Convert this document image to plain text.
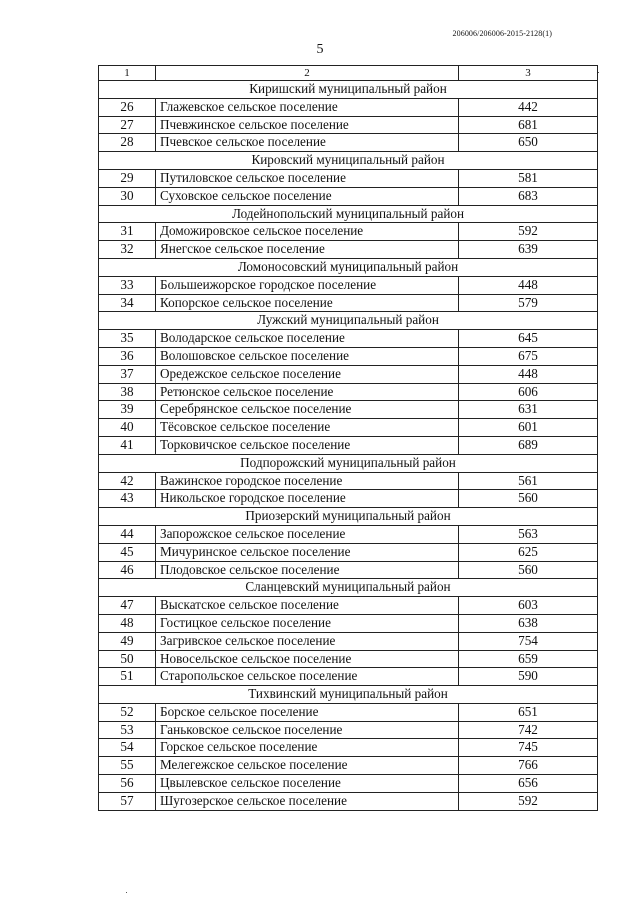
206006/206006-2015-2128(1)
5
1	2	3
Киришский муниципальный район		
26	Глажевское сельское поселение	442
27	Пчевжинское сельское поселение	681
28	Пчевское сельское поселение	650
Кировский муниципальный район		
29	Путиловское сельское поселение	581
30	Суховское сельское поселение	683
Лодейнопольский муниципальный район		
31	Доможировское сельское поселение	592
32	Янегское сельское поселение	639
Ломоносовский муниципальный район		
33	Большеижорское городское поселение	448
34	Копорское сельское поселение	579
Лужский муниципальный район		
35	Володарское сельское поселение	645
36	Волошовское сельское поселение	675
37	Оредежское сельское поселение	448
38	Ретюнское сельское поселение	606
39	Серебрянское сельское поселение	631
40	Тёсовское сельское поселение	601
41	Торковичское сельское поселение	689
Подпорожский муниципальный район		
42	Важинское городское поселение	561
43	Никольское городское поселение	560
Приозерский муниципальный район		
44	Запорожское сельское поселение	563
45	Мичуринское сельское поселение	625
46	Плодовское сельское поселение	560
Сланцевский муниципальный район		
47	Выскатское сельское поселение	603
48	Гостицкое сельское поселение	638
49	Загривское сельское поселение	754
50	Новосельское сельское поселение	659
51	Старопольское сельское поселение	590
Тихвинский муниципальный район		
52	Борское сельское поселение	651
53	Ганьковское сельское поселение	742
54	Горское сельское поселение	745
55	Мелегежское сельское поселение	766
56	Цвылевское сельское поселение	656
57	Шугозерское сельское поселение	592
